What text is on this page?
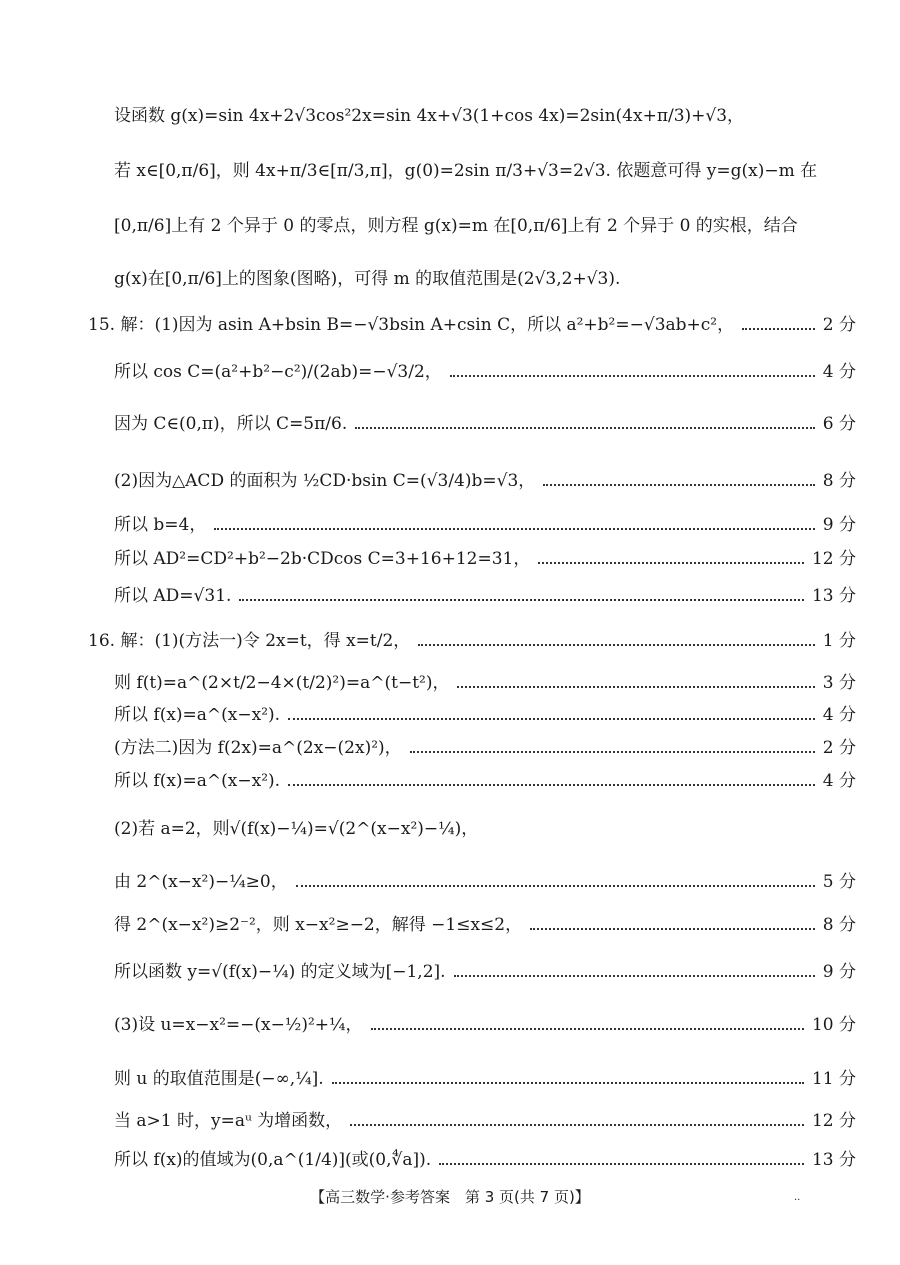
设函数 g(x)=sin 4x+2√3cos²2x=sin 4x+√3(1+cos 4x)=2sin(4x+π/3)+√3，
若 x∈[0,π/6]，则 4x+π/3∈[π/3,π]，g(0)=2sin π/3+√3=2√3. 依题意可得 y=g(x)−m 在
[0,π/6]上有 2 个异于 0 的零点，则方程 g(x)=m 在[0,π/6]上有 2 个异于 0 的实根，结合
g(x)在[0,π/6]上的图象(图略)，可得 m 的取值范围是(2√3,2+√3).
15. 解：(1)因为 asin A+bsin B=−√3bsin A+csin C，所以 a²+b²=−√3ab+c²，	2 分
所以 cos C=(a²+b²−c²)/(2ab)=−√3/2，	4 分
因为 C∈(0,π)，所以 C=5π/6.	6 分
(2)因为△ACD 的面积为 ½CD·bsin C=(√3/4)b=√3，	8 分
所以 b=4，	9 分
所以 AD²=CD²+b²−2b·CDcos C=3+16+12=31，	12 分
所以 AD=√31.	13 分
16. 解：(1)(方法一)令 2x=t，得 x=t/2，	1 分
则 f(t)=a^(2×t/2−4×(t/2)²)=a^(t−t²)，	3 分
所以 f(x)=a^(x−x²).	4 分
(方法二)因为 f(2x)=a^(2x−(2x)²)，	2 分
所以 f(x)=a^(x−x²).	4 分
(2)若 a=2，则√(f(x)−¼)=√(2^(x−x²)−¼)，
由 2^(x−x²)−¼≥0，	5 分
得 2^(x−x²)≥2⁻²，则 x−x²≥−2，解得 −1≤x≤2，	8 分
所以函数 y=√(f(x)−¼) 的定义域为[−1,2].	9 分
(3)设 u=x−x²=−(x−½)²+¼，	10 分
则 u 的取值范围是(−∞,¼].	11 分
当 a>1 时，y=aᵘ 为增函数，	12 分
所以 f(x)的值域为(0,a^(1/4)](或(0,∜a]).	13 分
【高三数学·参考答案　第 3 页(共 7 页)】	..
